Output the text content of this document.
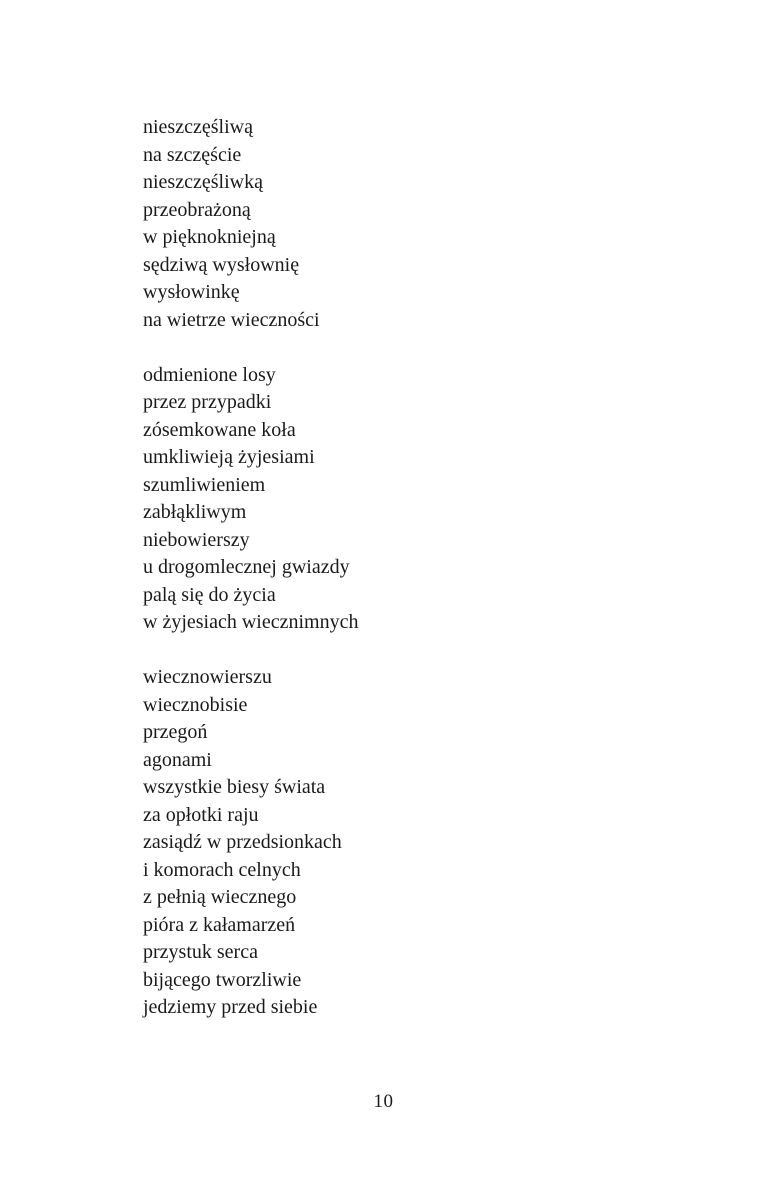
nieszczęśliwą
na szczęście
nieszczęśliwką
przeobrażoną
w pięknokniejną
sędziwą wysłownię
wysłowinkę
na wietrze wieczności
odmienione losy
przez przypadki
zósemkowane koła
umkliwieją żyjesiami
szumliwieniem
zabłąkliwym
niebowierszy
u drogomlecznej gwiazdy
palą się do życia
w żyjesiach wiecznimnych
wiecznowierszu
wiecznobisie
przegoń
agonami
wszystkie biesy świata
za opłotki raju
zasiądź w przedsionkach
i komorach celnych
z pełnią wiecznego
pióra z kałamarzeń
przystuk serca
bijącego tworzliwie
jedziemy przed siebie
10
